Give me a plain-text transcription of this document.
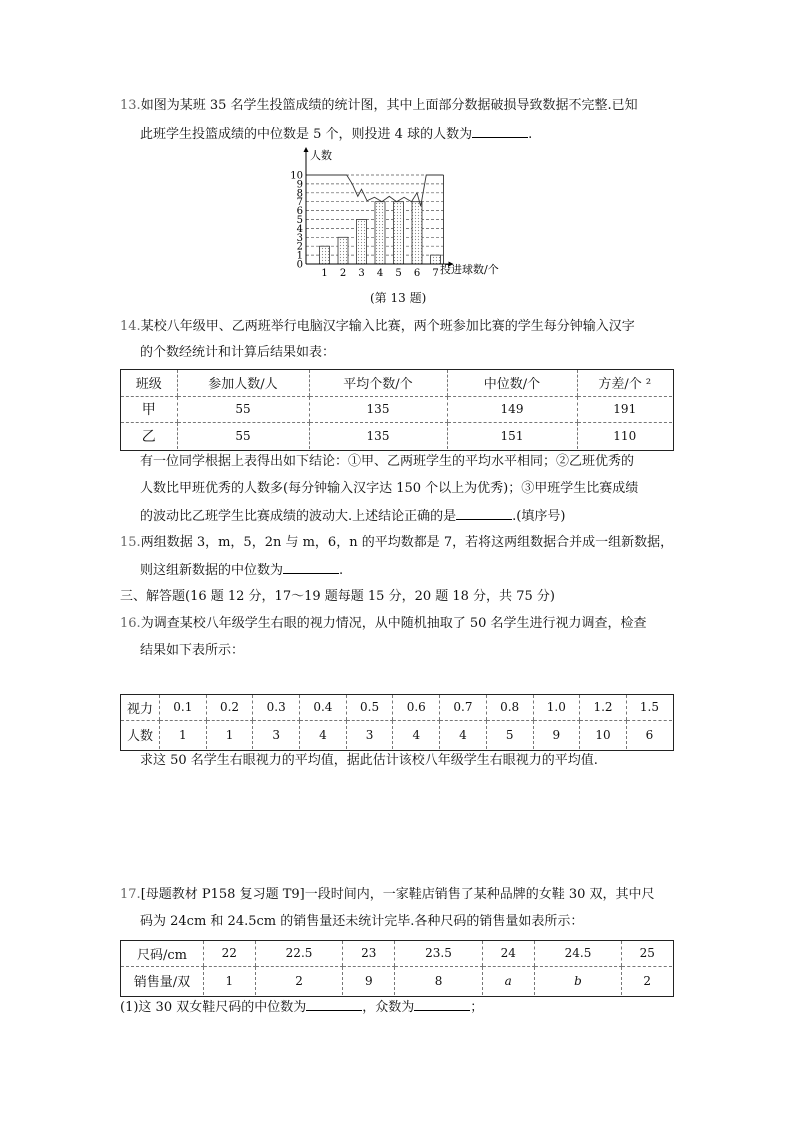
13.如图为某班 35 名学生投篮成绩的统计图，其中上面部分数据破损导致数据不完整.已知
此班学生投篮成绩的中位数是 5 个，则投进 4 球的人数为	.
0
1
2
3
4
5
6
7
8
9
10
1 2 3 4 5 6 7
人数
投进球数/个
(第 13 题)
14.某校八年级甲、乙两班举行电脑汉字输入比赛，两个班参加比赛的学生每分钟输入汉字
的个数经统计和计算后结果如表：
班级	参加人数/人	平均个数/个	中位数/个	方差/个 ²
甲	55	135	149	191
乙	55	135	151	110
有一位同学根据上表得出如下结论：①甲、乙两班学生的平均水平相同；②乙班优秀的
人数比甲班优秀的人数多(每分钟输入汉字达 150 个以上为优秀)；③甲班学生比赛成绩
的波动比乙班学生比赛成绩的波动大.上述结论正确的是	.(填序号)
15.两组数据 3，m，5，2n 与 m，6，n 的平均数都是 7，若将这两组数据合并成一组新数据，
则这组新数据的中位数为	.
三、解答题(16 题 12 分，17～19 题每题 15 分，20 题 18 分，共 75 分)
16.为调查某校八年级学生右眼的视力情况，从中随机抽取了 50 名学生进行视力调查，检查
结果如下表所示：
视力	0.1	0.2	0.3	0.4	0.5	0.6	0.7	0.8	1.0	1.2	1.5
人数	1	1	3	4	3	4	4	5	9	10	6
求这 50 名学生右眼视力的平均值，据此估计该校八年级学生右眼视力的平均值.
17.[母题教材 P158 复习题 T9]一段时间内，一家鞋店销售了某种品牌的女鞋 30 双，其中尺
码为 24cm 和 24.5cm 的销售量还未统计完毕.各种尺码的销售量如表所示：
尺码/cm	22	22.5	23	23.5	24	24.5	25
销售量/双	1	2	9	8	a	b	2
(1)这 30 双女鞋尺码的中位数为	，众数为	；
